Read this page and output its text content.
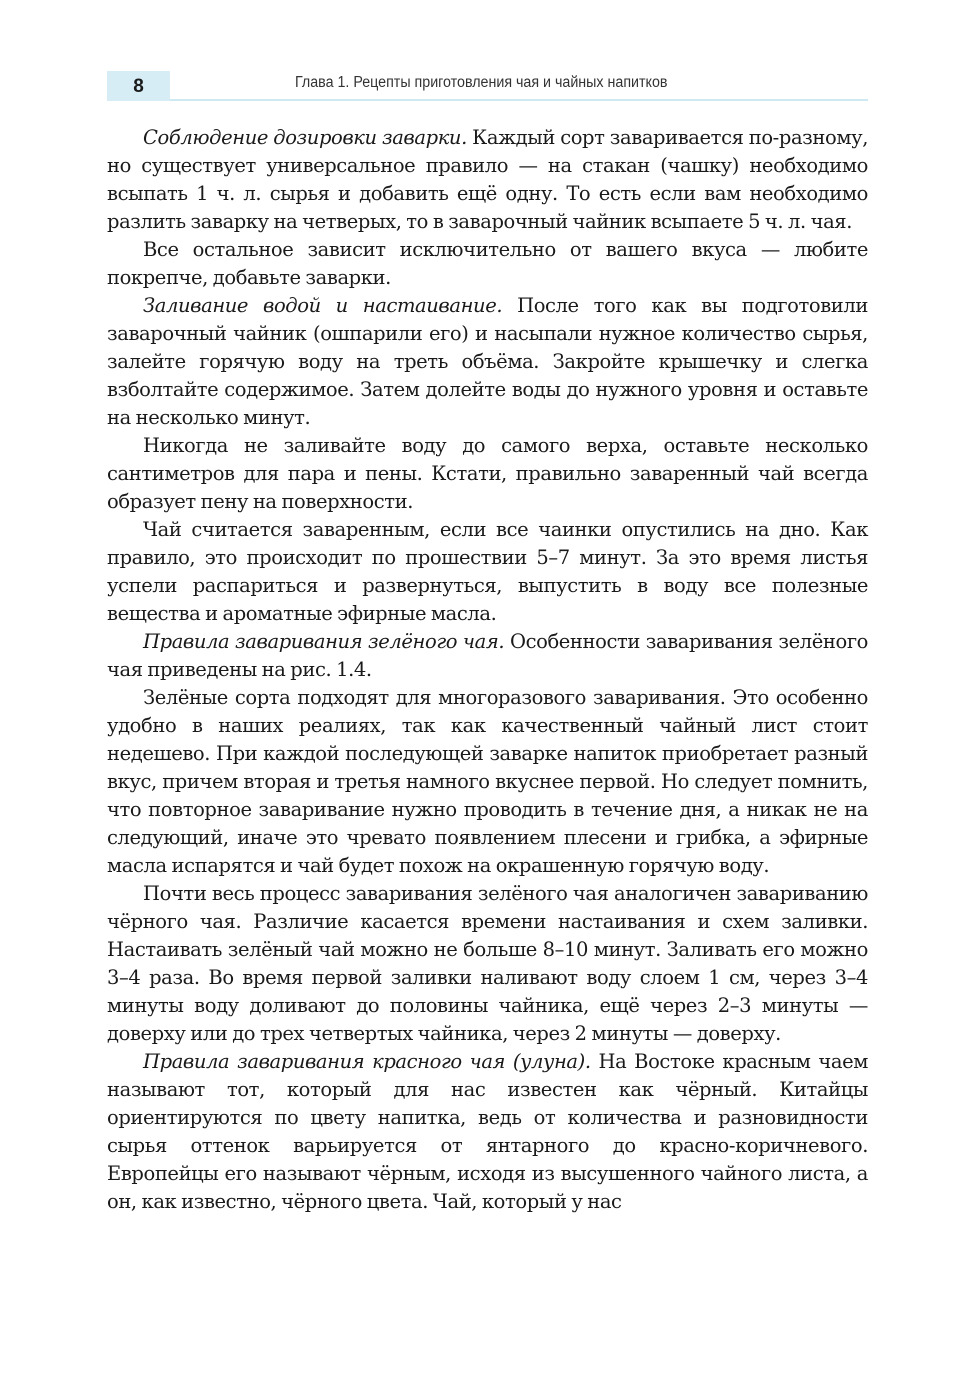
8	Глава 1. Рецепты приготовления чая и чайных напитков

Соблюдение дозировки заварки. Каждый сорт заваривается по-разному, но существует универсальное правило — на стакан (чашку) необходимо всыпать 1 ч. л. сырья и добавить ещё одну. То есть если вам необходимо разлить заварку на четверых, то в заварочный чайник всыпаете 5 ч. л. чая.

Все остальное зависит исключительно от вашего вкуса — любите покрепче, добавьте заварки.

Заливание водой и настаивание. После того как вы подготовили заварочный чайник (ошпарили его) и насыпали нужное количество сырья, залейте горячую воду на треть объёма. Закройте крышечку и слегка взболтайте содержимое. Затем долейте воды до нужного уровня и оставьте на несколько минут.

Никогда не заливайте воду до самого верха, оставьте несколько сантиметров для пара и пены. Кстати, правильно заваренный чай всегда образует пену на поверхности.

Чай считается заваренным, если все чаинки опустились на дно. Как правило, это происходит по прошествии 5–7 минут. За это время листья успели распариться и развернуться, выпустить в воду все полезные вещества и ароматные эфирные масла.

Правила заваривания зелёного чая. Особенности заваривания зелёного чая приведены на рис. 1.4.

Зелёные сорта подходят для многоразового заваривания. Это особенно удобно в наших реалиях, так как качественный чайный лист стоит недешево. При каждой последующей заварке напиток приобретает разный вкус, причем вторая и третья намного вкуснее первой. Но следует помнить, что повторное заваривание нужно проводить в течение дня, а никак не на следующий, иначе это чревато появлением плесени и грибка, а эфирные масла испарятся и чай будет похож на окрашенную горячую воду.

Почти весь процесс заваривания зелёного чая аналогичен завариванию чёрного чая. Различие касается времени настаивания и схем заливки. Настаивать зелёный чай можно не больше 8–10 минут. Заливать его можно 3–4 раза. Во время первой заливки наливают воду слоем 1 см, через 3–4 минуты воду доливают до половины чайника, ещё через 2–3 минуты — доверху или до трех четвертых чайника, через 2 минуты — доверху.

Правила заваривания красного чая (улуна). На Востоке красным чаем называют тот, который для нас известен как чёрный. Китайцы ориентируются по цвету напитка, ведь от количества и разновидности сырья оттенок варьируется от янтарного до красно-коричневого. Европейцы его называют чёрным, исходя из высушенного чайного листа, а он, как известно, чёрного цвета. Чай, который у нас
